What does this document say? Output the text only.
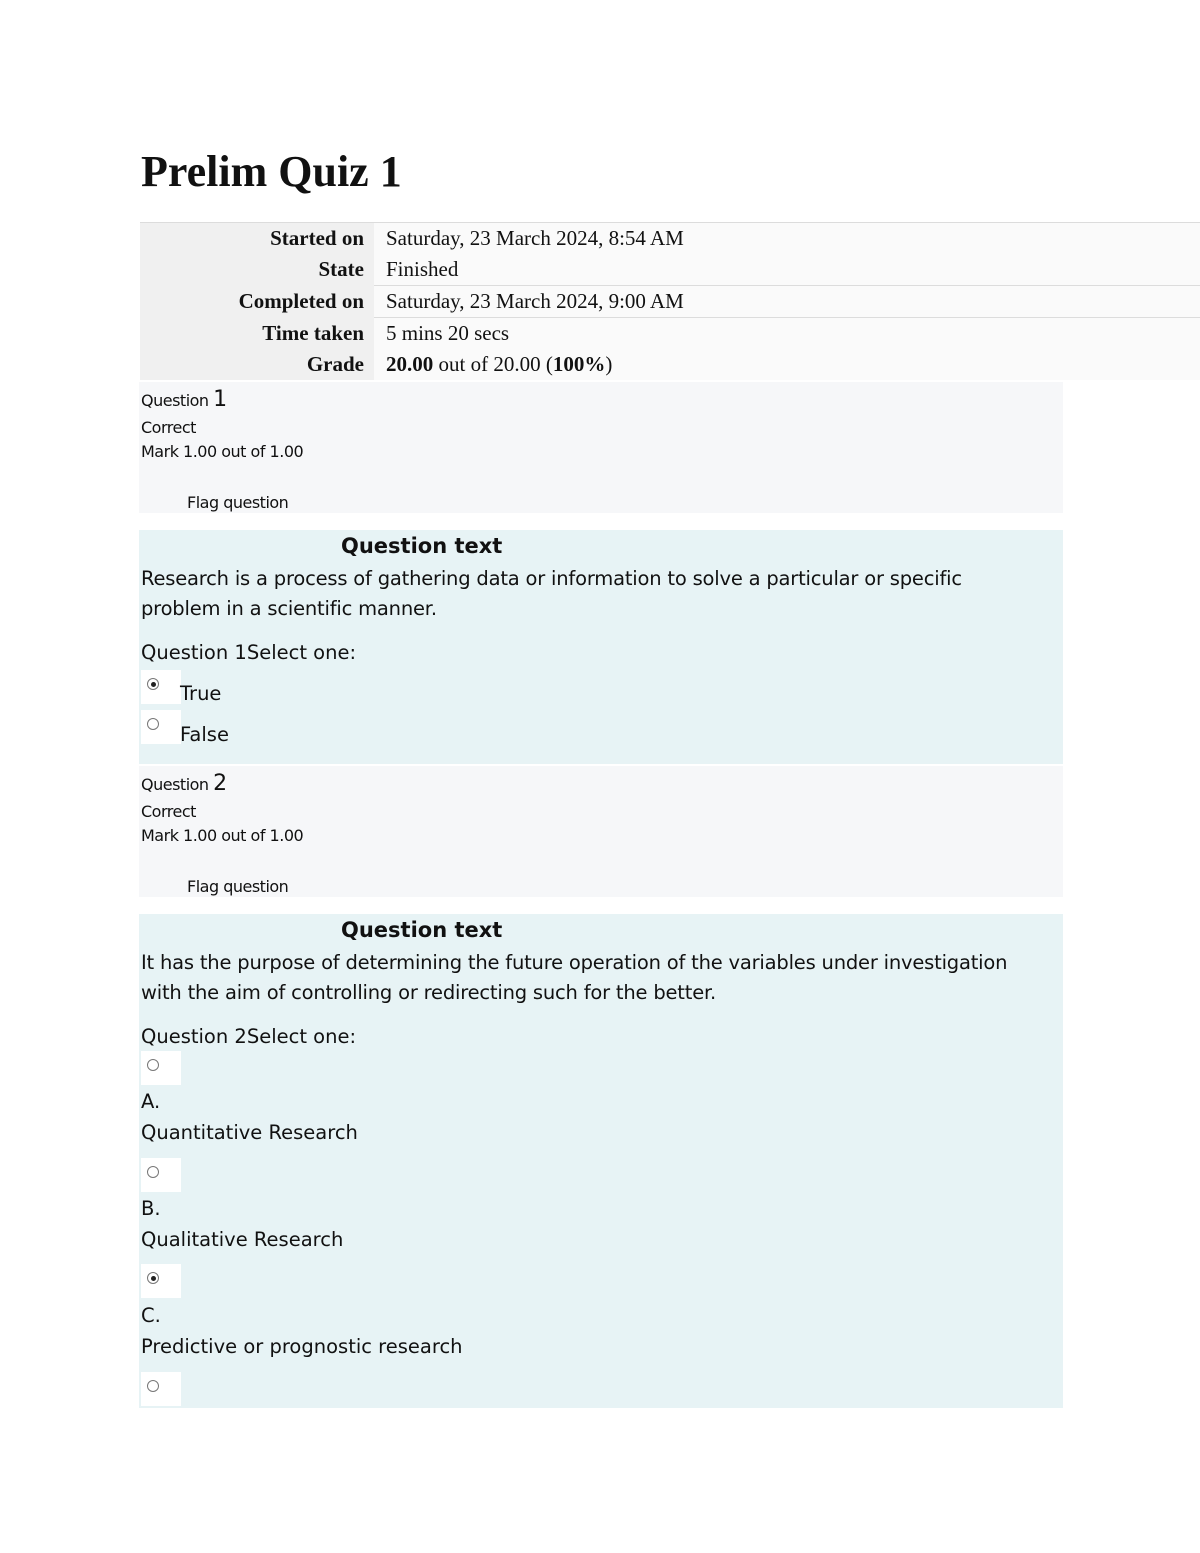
Prelim Quiz 1
Started on	Saturday, 23 March 2024, 8:54 AM
State	Finished
Completed on	Saturday, 23 March 2024, 9:00 AM
Time taken	5 mins 20 secs
Grade	20.00 out of 20.00 (100%)
Question 1
Correct
Mark 1.00 out of 1.00
Flag question
Question text
Research is a process of gathering data or information to solve a particular or specific problem in a scientific manner.
Question 1Select one:
True
False
Question 2
Correct
Mark 1.00 out of 1.00
Flag question
Question text
It has the purpose of determining the future operation of the variables under investigation with the aim of controlling or redirecting such for the better.
Question 2Select one:
A.
Quantitative Research
B.
Qualitative Research
C.
Predictive or prognostic research
